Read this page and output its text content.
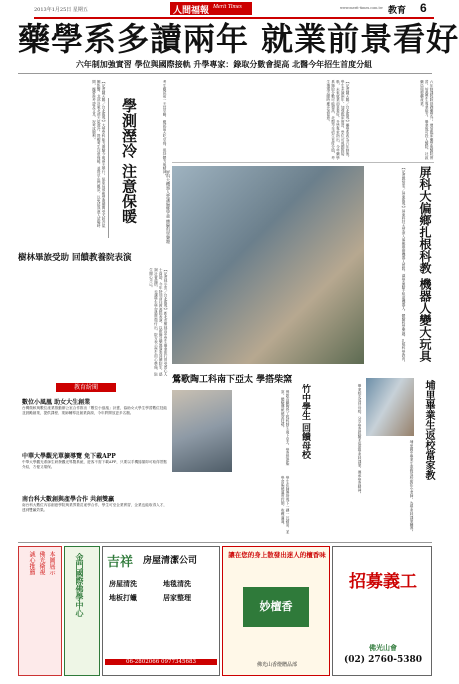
2013年1月25日 星期五	人間福報 Merit Times	www.merit-times.com.tw 教育 6
藥學系多讀兩年 就業前景看好
六年制加強實習 學位與國際接軌 升學專家：錄取分數會提高 北醫今年招生首度分組
【記者陳天賜／台北報導】大學學科能力測驗今明兩天舉行，氣象局預報學測期間受大陸冷氣團影響，北部及東北部天氣溼冷，提醒考生注意保暖，並提早出門應試，以免延誤進入試場時間，攜帶准考證及文具，祝考試順利。	學測溼冷 注意保暖	考生應試前一天宜早睡，應試當天吃早餐，保持體力與精神。
樹林畢旅受助 回饋教養院表演
【記者林小雲／台北報導】新北市樹林高中學生畢業旅行曾受善心人士資助，今年特別前往教養院表演，以歌舞及樂器演奏回饋院生，感謝社會溫情，也讓學生學習感恩與付出，院方表示學生用心準備，院生開心不已。
教育紛聞
數位小風凰 助女大生創業
台灣微軟與數位產業推動辦公室合作推出「數位小風凰」計畫，協助女大學生學習數位技能並鼓勵創業，提供課程、業師輔導及創業資源，今年將開放更多名額。
中華大學觀光單擴導覽 免下載APP
中華大學觀光系師生研發觀光導覽系統，遊客不需下載APP，只要以手機掃描即可取得景點介紹，方便又環保。
南台科大數創與產學合作 共創雙贏
南台科大數位內容創意學院與業界簽訂產學合作，學生可至企業實習，企業也能取得人才，達到雙贏效果。
【記者陳天賜／台北報導】藥學系改為六年制後，學生多讀兩年，加強臨床實習，學位可與國際接軌，未來就業前景看好。升學專家指出，今年藥學系錄取分數可能提高，北醫今年招生首度分組，考生選填志願時應多加留意。	六年制課程除基礎藥學外，增加臨床藥學與醫院實習，培養學生專業能力，畢業後可投入醫院、社區藥局與製藥產業。
屏科大機器人營讓偏鄉學童 體驗科學樂趣	【記者鄭怡雯／屏東報導】屏東科技大學深入偏鄉舉辦機器人營隊，讓學童動手組裝機器人，體驗科學樂趣，扎根科學教育。	屏科大偏鄉扎根科教 機器人變大玩具
鶯歌陶工科南下亞太 學搭柴窯
鶯歌高職陶瓷工程科師生南下亞太，學習搭建柴窯，體驗傳統燒窯技藝。
學生在師傅指導下一磚一瓦砌窯，並學習柴燒溫度控制，收穫滿滿。
竹中學生 回饋母校	畢業校友返回母校，分享學習經驗並協助學弟妹課業，傳承學習精神。	埔里畢業生返校當家教
埔里國中畢業生寒假返校擔任小老師，為學弟妹課業輔導。
本圖展示
佛光衛視
誠心推薦	金門國際佛學中心 吉祥 房屋清潔公司
房屋清洗	地毯清洗
地板打蠟	居家整理
06-2802066 0977345683
讓在您的身上散發出迷人的檀香味
妙檀香
佛光山香燈贈品部
招募義工
佛光山會
(02) 2760-5380
